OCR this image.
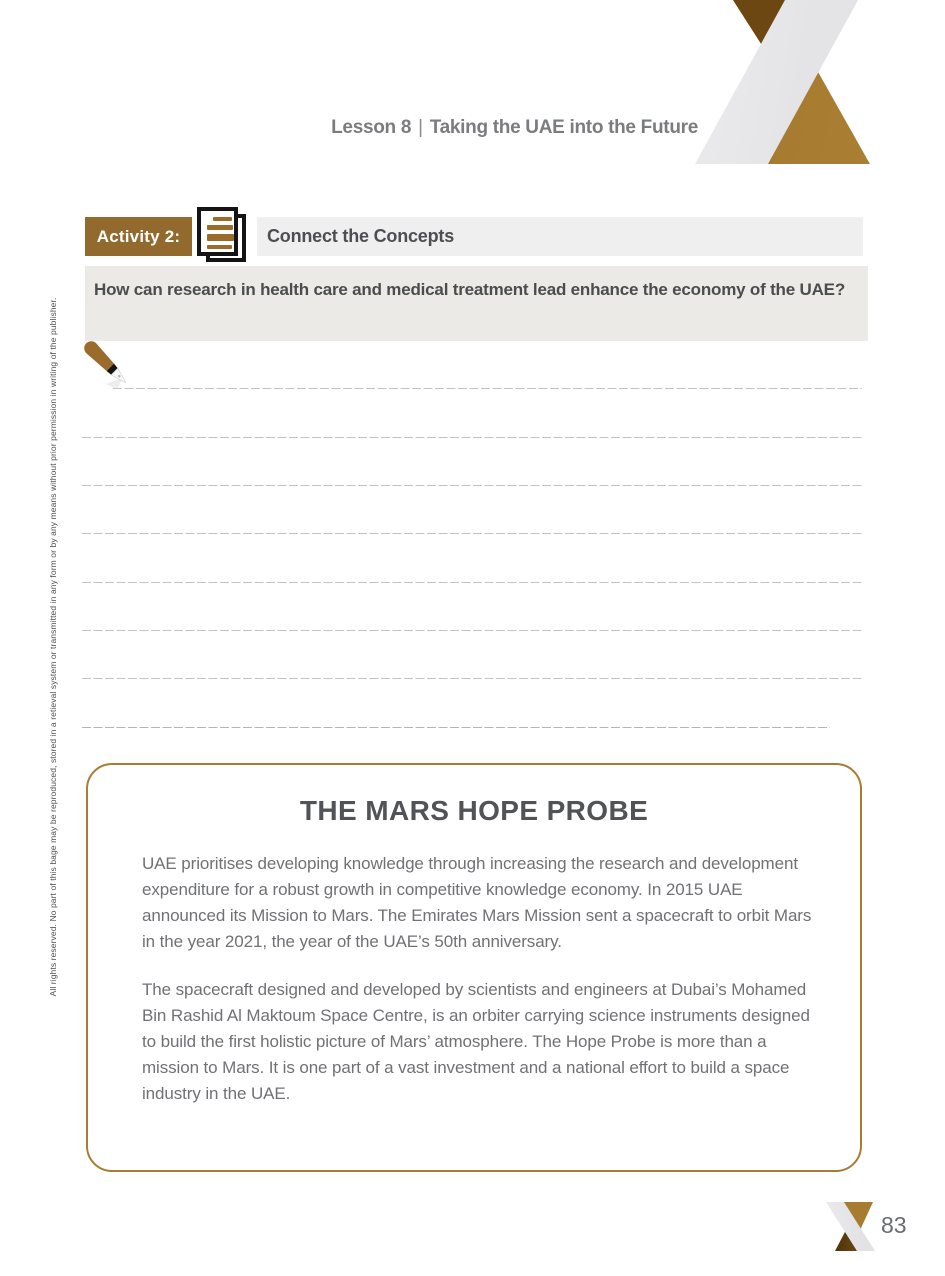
Lesson 8 | Taking the UAE into the Future
All rights reserved. No part of this bage may be reproduced, stored in a retieval system or transmitted in any form or by any means without prior permission in writing of the publisher.
Activity 2:	Connect the Concepts
How can research in health care and medical treatment lead enhance the economy of the UAE?
THE MARS HOPE PROBE

UAE prioritises developing knowledge through increasing the research and development expenditure for a robust growth in competitive knowledge economy. In 2015 UAE announced its Mission to Mars. The Emirates Mars Mission sent a spacecraft to orbit Mars in the year 2021, the year of the UAE’s 50th anniversary.

The spacecraft designed and developed by scientists and engineers at Dubai’s Mohamed Bin Rashid Al Maktoum Space Centre, is an orbiter carrying science instruments designed to build the first holistic picture of Mars’ atmosphere. The Hope Probe is more than a mission to Mars. It is one part of a vast investment and a national effort to build a space industry in the UAE.

83
